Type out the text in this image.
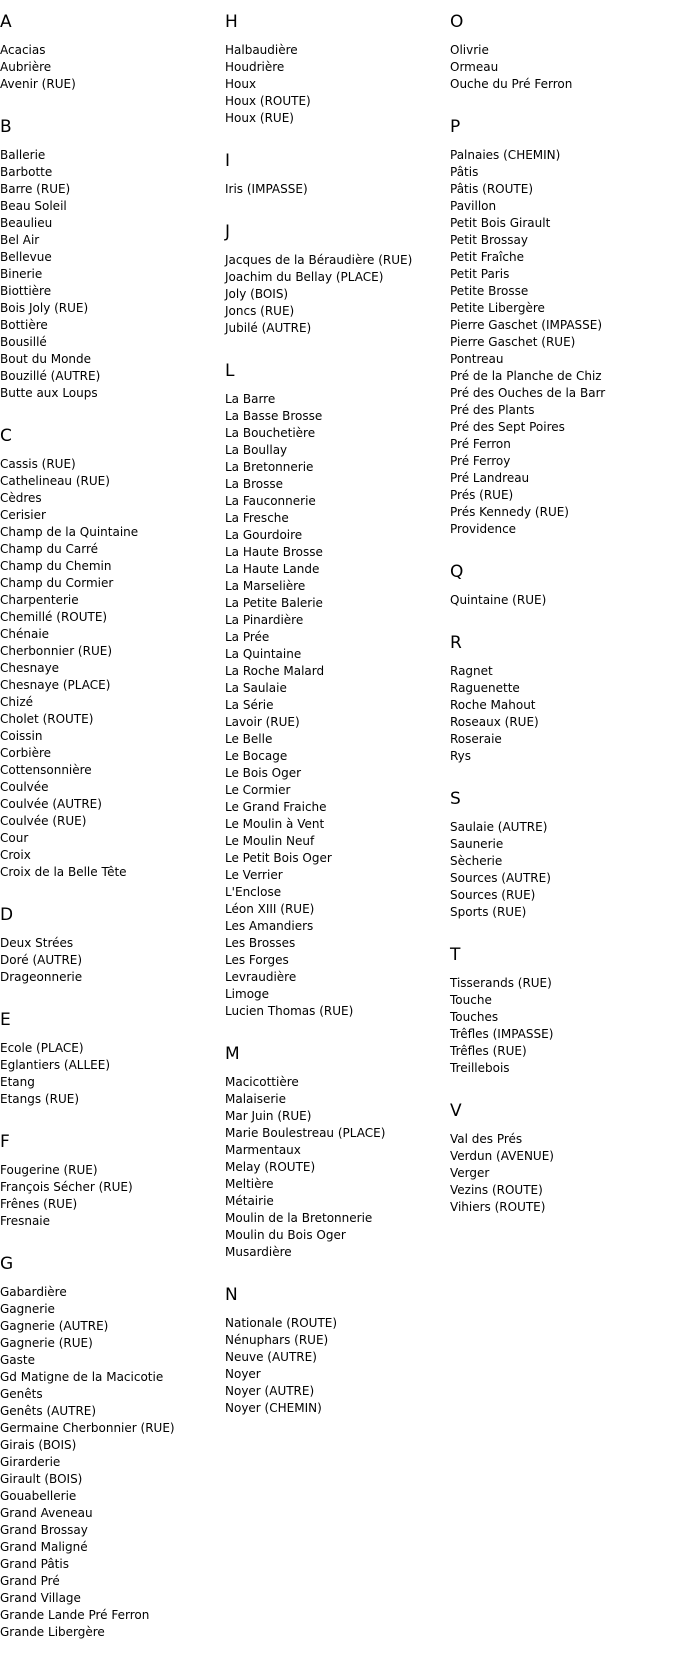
A
Acacias
Aubrière
Avenir (RUE)
B
Ballerie
Barbotte
Barre (RUE)
Beau Soleil
Beaulieu
Bel Air
Bellevue
Binerie
Biottière
Bois Joly (RUE)
Bottière
Bousillé
Bout du Monde
Bouzillé (AUTRE)
Butte aux Loups
C
Cassis (RUE)
Cathelineau (RUE)
Cèdres
Cerisier
Champ de la Quintaine
Champ du Carré
Champ du Chemin
Champ du Cormier
Charpenterie
Chemillé (ROUTE)
Chénaie
Cherbonnier (RUE)
Chesnaye
Chesnaye (PLACE)
Chizé
Cholet (ROUTE)
Coissin
Corbière
Cottensonnière
Coulvée
Coulvée (AUTRE)
Coulvée (RUE)
Cour
Croix
Croix de la Belle Tête
D
Deux Strées
Doré (AUTRE)
Drageonnerie
E
Ecole (PLACE)
Eglantiers (ALLEE)
Etang
Etangs (RUE)
F
Fougerine (RUE)
François Sécher (RUE)
Frênes (RUE)
Fresnaie
G
Gabardière
Gagnerie
Gagnerie (AUTRE)
Gagnerie (RUE)
Gaste
Gd Matigne de la Macicotie
Genêts
Genêts (AUTRE)
Germaine Cherbonnier (RUE)
Girais (BOIS)
Girarderie
Girault (BOIS)
Gouabellerie
Grand Aveneau
Grand Brossay
Grand Maligné
Grand Pâtis
Grand Pré
Grand Village
Grande Lande Pré Ferron
Grande Libergère
H
Halbaudière
Houdrière
Houx
Houx (ROUTE)
Houx (RUE)
I
Iris (IMPASSE)
J
Jacques de la Béraudière (RUE)
Joachim du Bellay (PLACE)
Joly (BOIS)
Joncs (RUE)
Jubilé (AUTRE)
L
La Barre
La Basse Brosse
La Bouchetière
La Boullay
La Bretonnerie
La Brosse
La Fauconnerie
La Fresche
La Gourdoire
La Haute Brosse
La Haute Lande
La Marselière
La Petite Balerie
La Pinardière
La Prée
La Quintaine
La Roche Malard
La Saulaie
La Série
Lavoir (RUE)
Le Belle
Le Bocage
Le Bois Oger
Le Cormier
Le Grand Fraiche
Le Moulin à Vent
Le Moulin Neuf
Le Petit Bois Oger
Le Verrier
L'Enclose
Léon XIII (RUE)
Les Amandiers
Les Brosses
Les Forges
Levraudière
Limoge
Lucien Thomas (RUE)
M
Macicottière
Malaiserie
Mar Juin (RUE)
Marie Boulestreau (PLACE)
Marmentaux
Melay (ROUTE)
Meltière
Métairie
Moulin de la Bretonnerie
Moulin du Bois Oger
Musardière
N
Nationale (ROUTE)
Nénuphars (RUE)
Neuve (AUTRE)
Noyer
Noyer (AUTRE)
Noyer (CHEMIN)
O
Olivrie
Ormeau
Ouche du Pré Ferron
P
Palnaies (CHEMIN)
Pâtis
Pâtis (ROUTE)
Pavillon
Petit Bois Girault
Petit Brossay
Petit Fraîche
Petit Paris
Petite Brosse
Petite Libergère
Pierre Gaschet (IMPASSE)
Pierre Gaschet (RUE)
Pontreau
Pré de la Planche de Chiz
Pré des Ouches de la Barr
Pré des Plants
Pré des Sept Poires
Pré Ferron
Pré Ferroy
Pré Landreau
Prés (RUE)
Prés Kennedy (RUE)
Providence
Q
Quintaine (RUE)
R
Ragnet
Raguenette
Roche Mahout
Roseaux (RUE)
Roseraie
Rys
S
Saulaie (AUTRE)
Saunerie
Sècherie
Sources (AUTRE)
Sources (RUE)
Sports (RUE)
T
Tisserands (RUE)
Touche
Touches
Trêfles (IMPASSE)
Trêfles (RUE)
Treillebois
V
Val des Prés
Verdun (AVENUE)
Verger
Vezins (ROUTE)
Vihiers (ROUTE)
